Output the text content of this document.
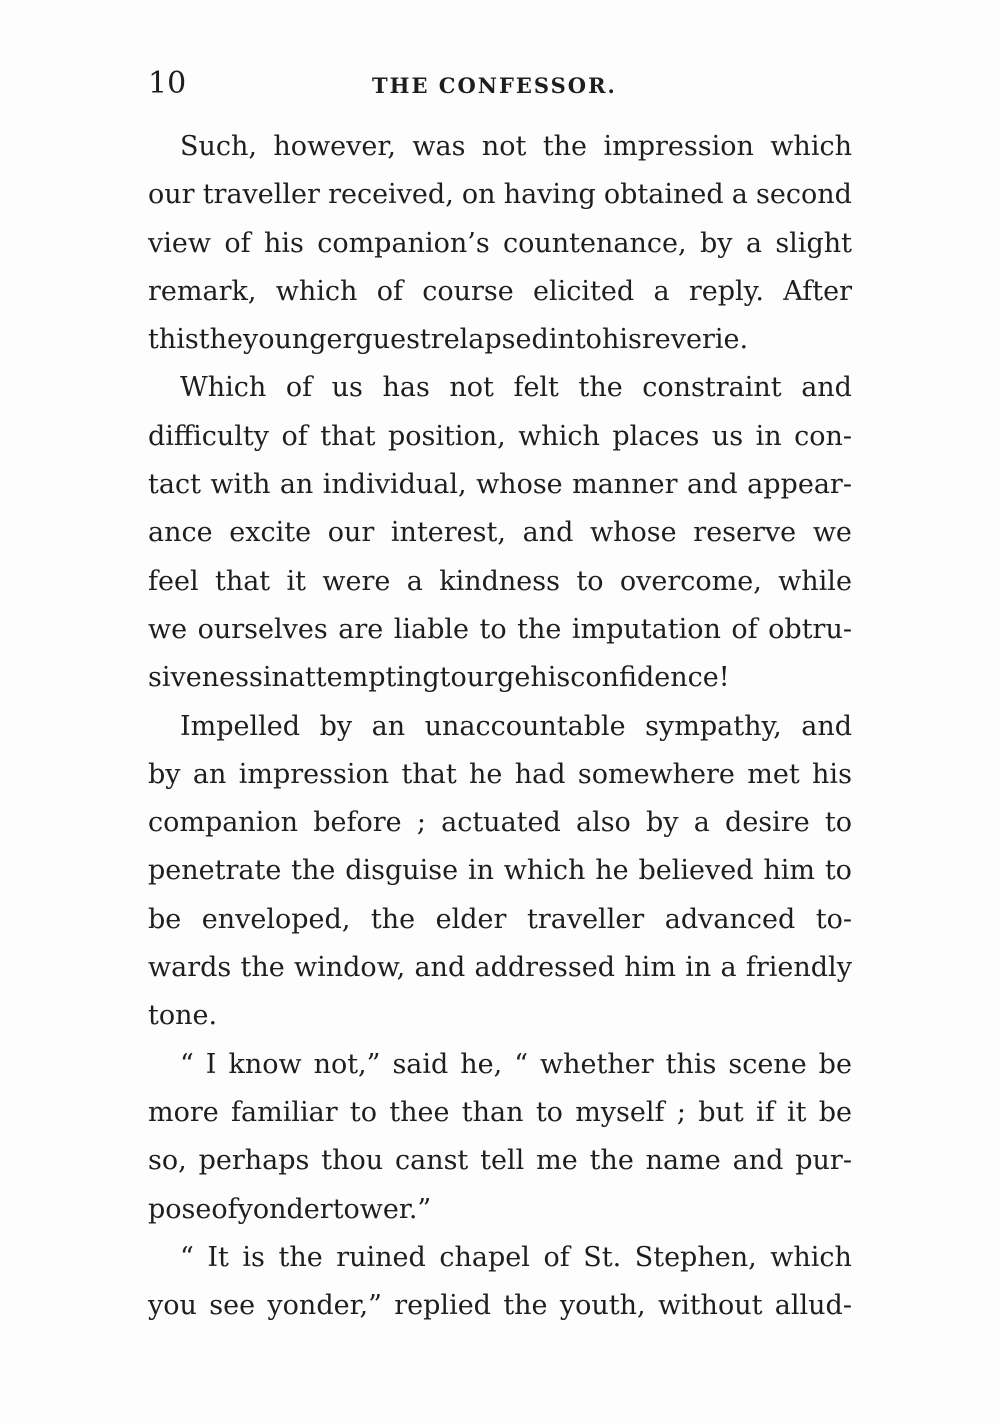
10	THE CONFESSOR.
Such, however, was not the impression which
our traveller received, on having obtained a second
view of his companion’s countenance, by a slight
remark, which of course elicited a reply. After
this the younger guest relapsed into his reverie.
Which of us has not felt the constraint and
difficulty of that position, which places us in con-
tact with an individual, whose manner and appear-
ance excite our interest, and whose reserve we
feel that it were a kindness to overcome, while
we ourselves are liable to the imputation of obtru-
siveness in attempting to urge his confidence !
Impelled by an unaccountable sympathy, and
by an impression that he had somewhere met his
companion before ; actuated also by a desire to
penetrate the disguise in which he believed him to
be enveloped, the elder traveller advanced to-
wards the window, and addressed him in a friendly
tone.
“ I know not,” said he, “ whether this scene be
more familiar to thee than to myself ; but if it be
so, perhaps thou canst tell me the name and pur-
pose of yonder tower.”
“ It is the ruined chapel of St. Stephen, which
you see yonder,” replied the youth, without allud-
